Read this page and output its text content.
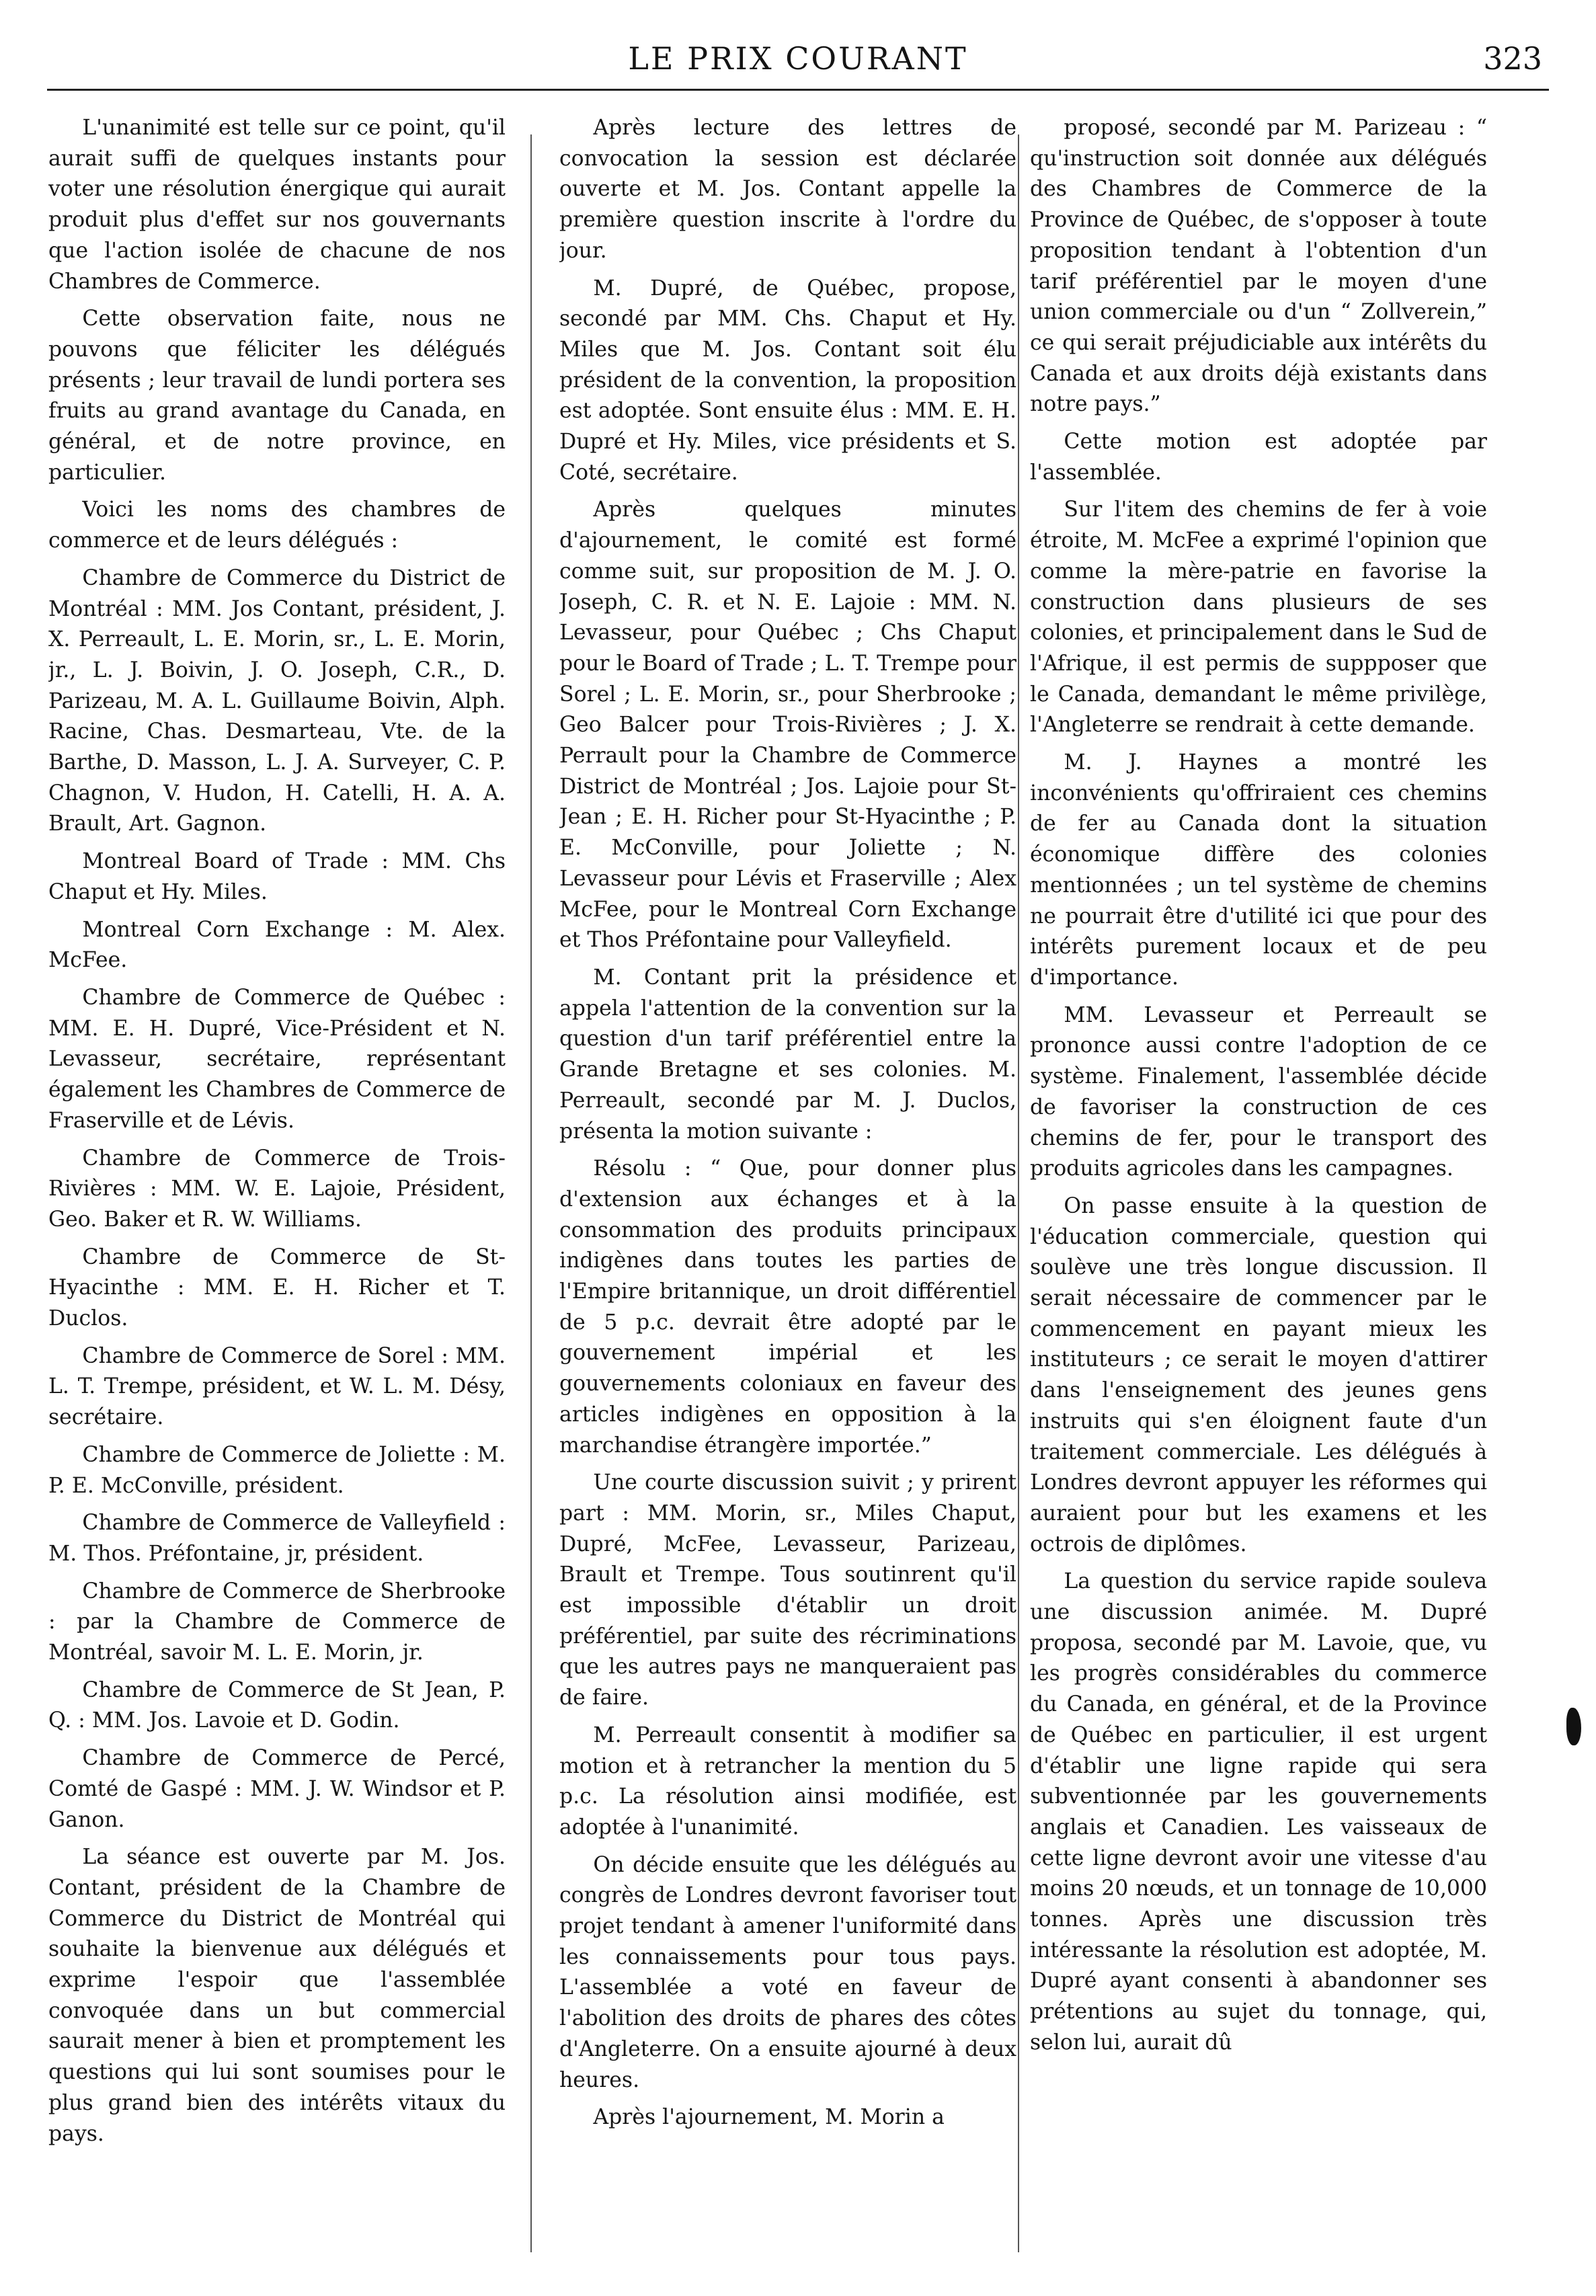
LE PRIX COURANT	323

L'unanimité est telle sur ce point, qu'il aurait suffi de quelques instants pour voter une résolution énergique qui aurait produit plus d'effet sur nos gouvernants que l'action isolée de chacune de nos Chambres de Commerce.

Cette observation faite, nous ne pouvons que féliciter les délégués présents ; leur travail de lundi portera ses fruits au grand avantage du Canada, en général, et de notre province, en particulier.

Voici les noms des chambres de commerce et de leurs délégués :

Chambre de Commerce du District de Montréal : MM. Jos Contant, président, J. X. Perreault, L. E. Morin, sr., L. E. Morin, jr., L. J. Boivin, J. O. Joseph, C.R., D. Parizeau, M. A. L. Guillaume Boivin, Alph. Racine, Chas. Desmarteau, Vte. de la Barthe, D. Masson, L. J. A. Surveyer, C. P. Chagnon, V. Hudon, H. Catelli, H. A. A. Brault, Art. Gagnon.

Montreal Board of Trade : MM. Chs Chaput et Hy. Miles.

Montreal Corn Exchange : M. Alex. McFee.

Chambre de Commerce de Québec : MM. E. H. Dupré, Vice-Président et N. Levasseur, secrétaire, représentant également les Chambres de Commerce de Fraserville et de Lévis.

Chambre de Commerce de Trois-Rivières : MM. W. E. Lajoie, Président, Geo. Baker et R. W. Williams.

Chambre de Commerce de St-Hyacinthe : MM. E. H. Richer et T. Duclos.

Chambre de Commerce de Sorel : MM. L. T. Trempe, président, et W. L. M. Désy, secrétaire.

Chambre de Commerce de Joliette : M. P. E. McConville, président.

Chambre de Commerce de Valleyfield : M. Thos. Préfontaine, jr, président.

Chambre de Commerce de Sherbrooke : par la Chambre de Commerce de Montréal, savoir M. L. E. Morin, jr.

Chambre de Commerce de St Jean, P. Q. : MM. Jos. Lavoie et D. Godin.

Chambre de Commerce de Percé, Comté de Gaspé : MM. J. W. Windsor et P. Ganon.

La séance est ouverte par M. Jos. Contant, président de la Chambre de Commerce du District de Montréal qui souhaite la bienvenue aux délégués et exprime l'espoir que l'assemblée convoquée dans un but commercial saurait mener à bien et promptement les questions qui lui sont soumises pour le plus grand bien des intérêts vitaux du pays.

Après lecture des lettres de convocation la session est déclarée ouverte et M. Jos. Contant appelle la première question inscrite à l'ordre du jour.

M. Dupré, de Québec, propose, secondé par MM. Chs. Chaput et Hy. Miles que M. Jos. Contant soit élu président de la convention, la proposition est adoptée. Sont ensuite élus : MM. E. H. Dupré et Hy. Miles, vice présidents et S. Coté, secrétaire.

Après quelques minutes d'ajournement, le comité est formé comme suit, sur proposition de M. J. O. Joseph, C. R. et N. E. Lajoie : MM. N. Levasseur, pour Québec ; Chs Chaput pour le Board of Trade ; L. T. Trempe pour Sorel ; L. E. Morin, sr., pour Sherbrooke ; Geo Balcer pour Trois-Rivières ; J. X. Perrault pour la Chambre de Commerce District de Montréal ; Jos. Lajoie pour St-Jean ; E. H. Richer pour St-Hyacinthe ; P. E. McConville, pour Joliette ; N. Levasseur pour Lévis et Fraserville ; Alex McFee, pour le Montreal Corn Exchange et Thos Préfontaine pour Valleyfield.

M. Contant prit la présidence et appela l'attention de la convention sur la question d'un tarif préférentiel entre la Grande Bretagne et ses colonies. M. Perreault, secondé par M. J. Duclos, présenta la motion suivante :

Résolu : “ Que, pour donner plus d'extension aux échanges et à la consommation des produits principaux indigènes dans toutes les parties de l'Empire britannique, un droit différentiel de 5 p.c. devrait être adopté par le gouvernement impérial et les gouvernements coloniaux en faveur des articles indigènes en opposition à la marchandise étrangère importée.”

Une courte discussion suivit ; y prirent part : MM. Morin, sr., Miles Chaput, Dupré, McFee, Levasseur, Parizeau, Brault et Trempe. Tous soutinrent qu'il est impossible d'établir un droit préférentiel, par suite des récriminations que les autres pays ne manqueraient pas de faire.

M. Perreault consentit à modifier sa motion et à retrancher la mention du 5 p.c. La résolution ainsi modifiée, est adoptée à l'unanimité.

On décide ensuite que les délégués au congrès de Londres devront favoriser tout projet tendant à amener l'uniformité dans les connaissements pour tous pays. L'assemblée a voté en faveur de l'abolition des droits de phares des côtes d'Angleterre. On a ensuite ajourné à deux heures.

Après l'ajournement, M. Morin a

proposé, secondé par M. Parizeau : “ qu'instruction soit donnée aux délégués des Chambres de Commerce de la Province de Québec, de s'opposer à toute proposition tendant à l'obtention d'un tarif préférentiel par le moyen d'une union commerciale ou d'un “ Zollverein,” ce qui serait préjudiciable aux intérêts du Canada et aux droits déjà existants dans notre pays.”

Cette motion est adoptée par l'assemblée.

Sur l'item des chemins de fer à voie étroite, M. McFee a exprimé l'opinion que comme la mère-patrie en favorise la construction dans plusieurs de ses colonies, et principalement dans le Sud de l'Afrique, il est permis de suppposer que le Canada, demandant le même privilège, l'Angleterre se rendrait à cette demande.

M. J. Haynes a montré les inconvénients qu'offriraient ces chemins de fer au Canada dont la situation économique diffère des colonies mentionnées ; un tel système de chemins ne pourrait être d'utilité ici que pour des intérêts purement locaux et de peu d'importance.

MM. Levasseur et Perreault se prononce aussi contre l'adoption de ce système. Finalement, l'assemblée décide de favoriser la construction de ces chemins de fer, pour le transport des produits agricoles dans les campagnes.

On passe ensuite à la question de l'éducation commerciale, question qui soulève une très longue discussion. Il serait nécessaire de commencer par le commencement en payant mieux les instituteurs ; ce serait le moyen d'attirer dans l'enseignement des jeunes gens instruits qui s'en éloignent faute d'un traitement commerciale. Les délégués à Londres devront appuyer les réformes qui auraient pour but les examens et les octrois de diplômes.

La question du service rapide souleva une discussion animée. M. Dupré proposa, secondé par M. Lavoie, que, vu les progrès considérables du commerce du Canada, en général, et de la Province de Québec en particulier, il est urgent d'établir une ligne rapide qui sera subventionnée par les gouvernements anglais et Canadien. Les vaisseaux de cette ligne devront avoir une vitesse d'au moins 20 nœuds, et un tonnage de 10,000 tonnes. Après une discussion très intéressante la résolution est adoptée, M. Dupré ayant consenti à abandonner ses prétentions au sujet du tonnage, qui, selon lui, aurait dû
